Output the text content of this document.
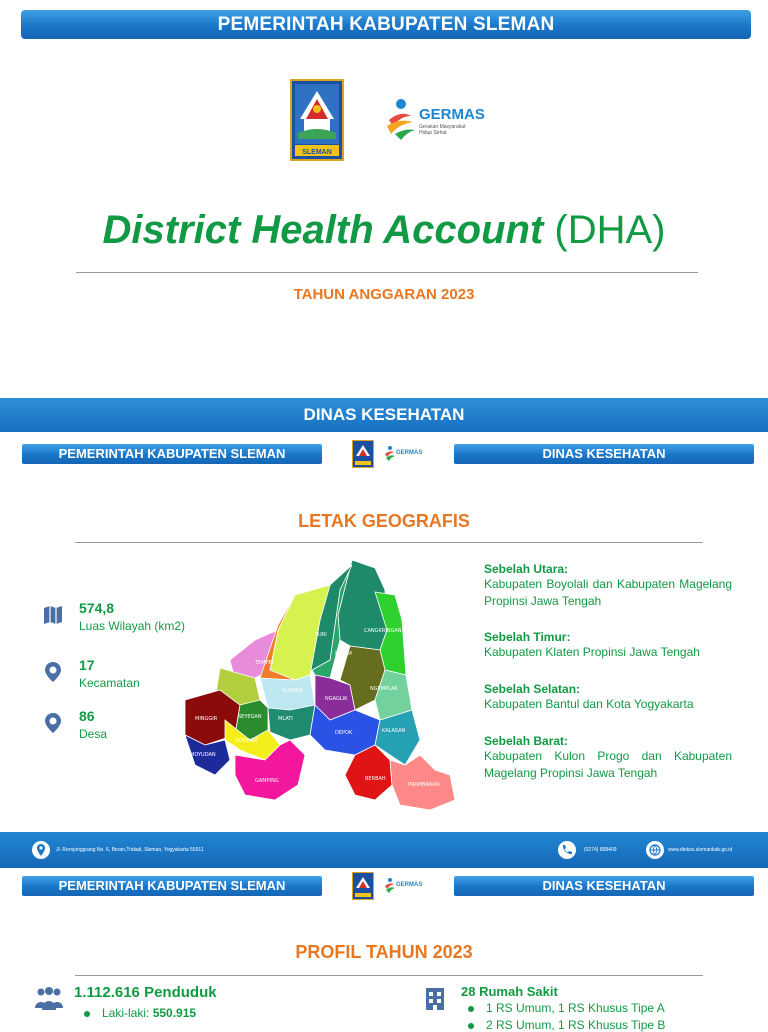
PEMERINTAH KABUPATEN SLEMAN
SLEMAN
GERMAS
Gerakan Masyarakat
Hidup Sehat
District Health Account (DHA)
TAHUN ANGGARAN 2023
DINAS KESEHATAN
PEMERINTAH KABUPATEN SLEMAN	GERMAS	DINAS KESEHATAN
LETAK GEOGRAFIS
574,8
Luas Wilayah (km2)
17
Kecamatan
86
Desa
TURI
CANGKRINGAN
PAKEM
TEMPEL
SLEMAN
NGAGLIK
NGEMPLAK
MINGGIR	SEYEGAN	MLATI
KALASAN
GODEAN
DEPOK
MOYUDAN
GAMPING	BERBAH
PRAMBANAN
Sebelah Utara:
Kabupaten Boyolali dan Kabupaten Magelang Propinsi Jawa Tengah
Sebelah Timur:
Kabupaten Klaten Propinsi Jawa Tengah
Sebelah Selatan:
Kabupaten Bantul dan Kota Yogyakarta
Sebelah Barat:
Kabupaten Kulon Progo dan Kabupaten Magelang Propinsi Jawa Tengah
Jl. Rorojonggrang No. 6, Beran,Tridadi, Sleman, Yogyakarta 55511	(0274) 868409	www.dinkes.slemankab.go.id
PEMERINTAH KABUPATEN SLEMAN	GERMAS	DINAS KESEHATAN
PROFIL TAHUN 2023
1.112.616 Penduduk
Laki-laki: 550.915
28 Rumah Sakit
1 RS Umum, 1 RS Khusus Tipe A
2 RS Umum, 1 RS Khusus Tipe B
